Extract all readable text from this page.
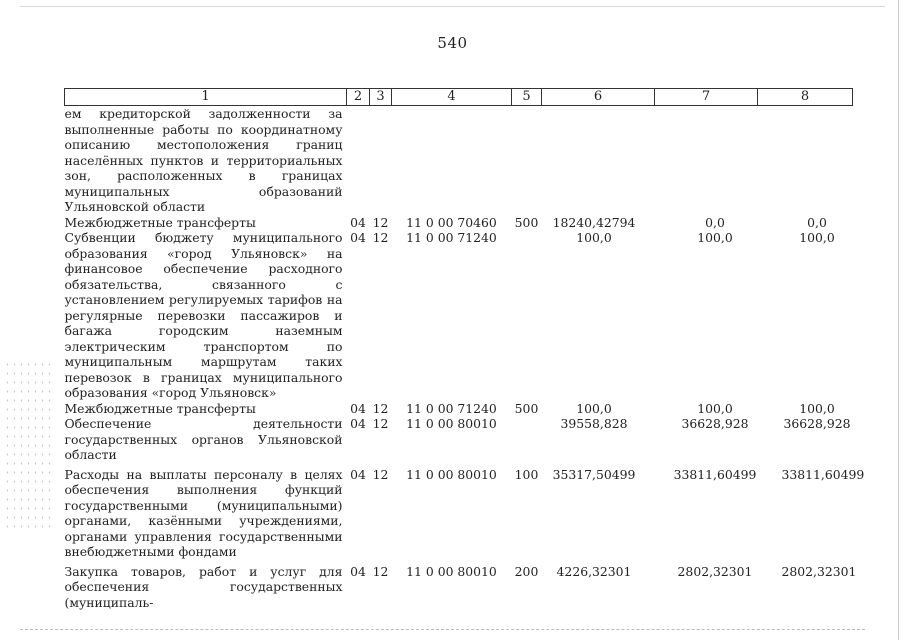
540
1	2	3	4	5	6	7	8
ем кредиторской задолженности за выполненные работы по координатному описанию местоположения границ населённых пунктов и территориальных зон, расположенных в границах муниципальных образований Ульяновской области							
Межбюджетные трансферты	04	12	11 0 00 70460	500	18240,42794	0,0	0,0
Субвенции бюджету муниципального образования «город Ульяновск» на финансовое обеспечение расходного обязательства, связанного с установлением регулируемых тарифов на регулярные перевозки пассажиров и багажа городским наземным электрическим транспортом по муниципальным маршрутам таких перевозок в границах муниципального образования «город Ульяновск»	04	12	11 0 00 71240		100,0	100,0	100,0
Межбюджетные трансферты	04	12	11 0 00 71240	500	100,0	100,0	100,0
Обеспечение деятельности государственных органов Ульяновской области	04	12	11 0 00 80010		39558,828	36628,928	36628,928
Расходы на выплаты персоналу в целях обеспечения выполнения функций государственными (муниципальными) органами, казёнными учреждениями, органами управления государственными внебюджетными фондами	04	12	11 0 00 80010	100	35317,50499	33811,60499	33811,60499
Закупка товаров, работ и услуг для обеспечения государственных (муниципаль-	04	12	11 0 00 80010	200	4226,32301	2802,32301	2802,32301
